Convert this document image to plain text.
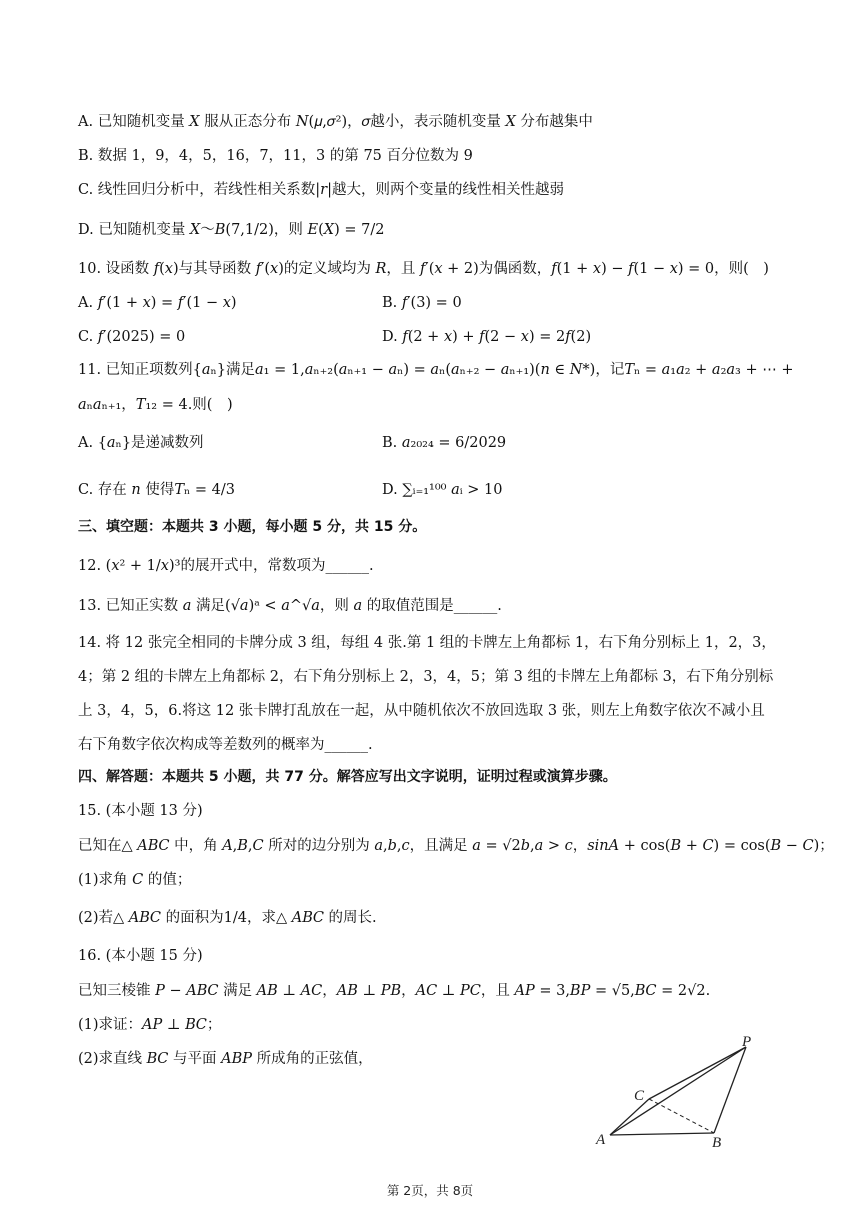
A. 已知随机变量 𝑋 服从正态分布 𝑁(𝜇,𝜎²)，𝜎越小，表示随机变量 𝑋 分布越集中
B. 数据 1，9，4，5，16，7，11，3 的第 75 百分位数为 9
C. 线性回归分析中，若线性相关系数|𝑟|越大，则两个变量的线性相关性越弱
D. 已知随机变量 𝑋～𝐵(7,1/2)，则 𝐸(𝑋) = 7/2
10. 设函数 𝑓(𝑥)与其导函数 𝑓′(𝑥)的定义域均为 𝑅，且 𝑓′(𝑥 + 2)为偶函数，𝑓(1 + 𝑥) − 𝑓(1 − 𝑥) = 0，则(　)
A. 𝑓′(1 + 𝑥) = 𝑓′(1 − 𝑥)	B. 𝑓′(3) = 0
C. 𝑓′(2025) = 0	D. 𝑓(2 + 𝑥) + 𝑓(2 − 𝑥) = 2𝑓(2)
11. 已知正项数列{𝑎ₙ}满足𝑎₁ = 1,𝑎ₙ₊₂(𝑎ₙ₊₁ − 𝑎ₙ) = 𝑎ₙ(𝑎ₙ₊₂ − 𝑎ₙ₊₁)(𝑛 ∈ 𝑁*)，记𝑇ₙ = 𝑎₁𝑎₂ + 𝑎₂𝑎₃ + ⋯ +
𝑎ₙ𝑎ₙ₊₁，𝑇₁₂ = 4.则(　)
A. {𝑎ₙ}是递减数列	B. 𝑎₂₀₂₄ = 6/2029
C. 存在 𝑛 使得𝑇ₙ = 4/3	D. ∑ᵢ₌₁¹⁰⁰ 𝑎ᵢ > 10
三、填空题：本题共 3 小题，每小题 5 分，共 15 分。
12. (𝑥² + 1/𝑥)³的展开式中，常数项为______.
13. 已知正实数 𝑎 满足(√𝑎)ᵃ < 𝑎^√𝑎，则 𝑎 的取值范围是______.
14. 将 12 张完全相同的卡牌分成 3 组，每组 4 张.第 1 组的卡牌左上角都标 1，右下角分别标上 1，2，3，
4；第 2 组的卡牌左上角都标 2，右下角分别标上 2，3，4，5；第 3 组的卡牌左上角都标 3，右下角分别标
上 3，4，5，6.将这 12 张卡牌打乱放在一起，从中随机依次不放回选取 3 张，则左上角数字依次不减小且
右下角数字依次构成等差数列的概率为______.
四、解答题：本题共 5 小题，共 77 分。解答应写出文字说明，证明过程或演算步骤。
15. (本小题 13 分)
已知在△ 𝐴𝐵𝐶 中，角 𝐴,𝐵,𝐶 所对的边分别为 𝑎,𝑏,𝑐，且满足 𝑎 = √2𝑏,𝑎 > 𝑐，𝑠𝑖𝑛𝐴 + cos(𝐵 + 𝐶) = cos(𝐵 − 𝐶)；
(1)求角 𝐶 的值；
(2)若△ 𝐴𝐵𝐶 的面积为1/4，求△ 𝐴𝐵𝐶 的周长.
16. (本小题 15 分)
已知三棱锥 𝑃 − 𝐴𝐵𝐶 满足 𝐴𝐵 ⊥ 𝐴𝐶，𝐴𝐵 ⊥ 𝑃𝐵，𝐴𝐶 ⊥ 𝑃𝐶，且 𝐴𝑃 = 3,𝐵𝑃 = √5,𝐵𝐶 = 2√2.
(1)求证：𝐴𝑃 ⊥ 𝐵𝐶；
(2)求直线 𝐵𝐶 与平面 𝐴𝐵𝑃 所成角的正弦值，
P
C
A	B
第 2页，共 8页
